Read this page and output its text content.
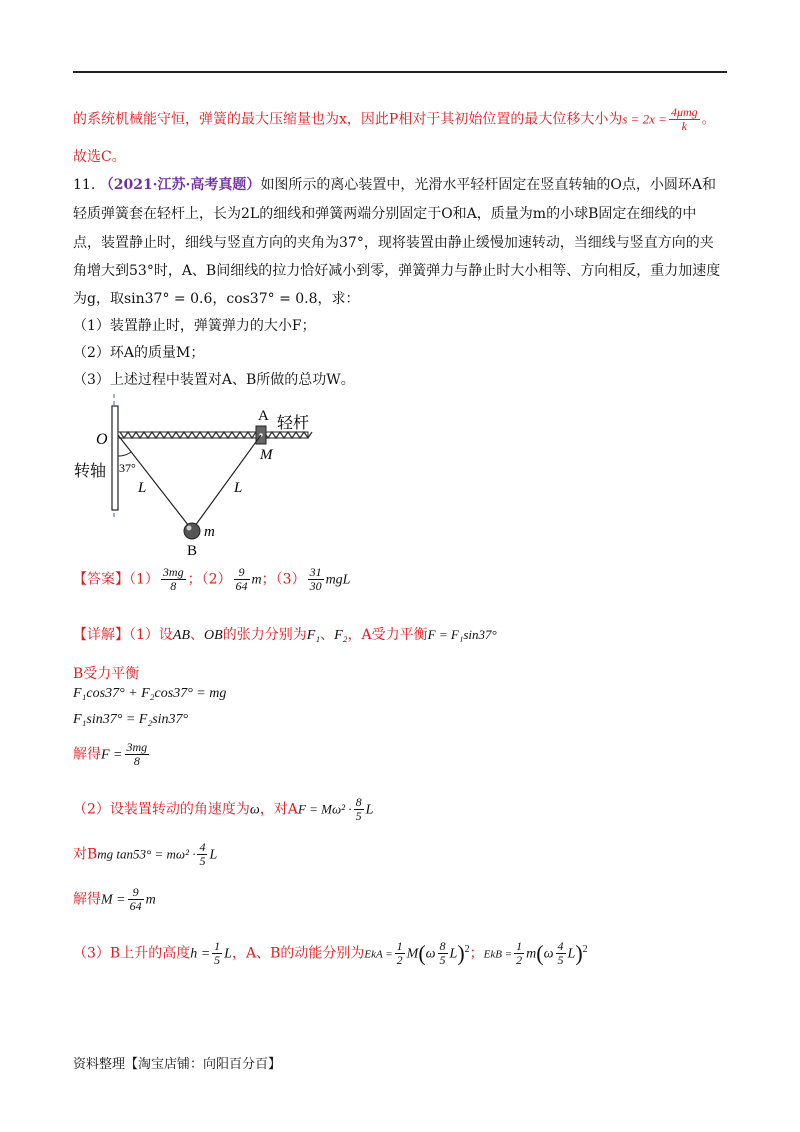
的系统机械能守恒，弹簧的最大压缩量也为x，因此P相对于其初始位置的最大位移大小为$s = 2x = \frac{\text{4μmg}}{k}$ 。
故选C。
11. （2021·江苏·高考真题）如图所示的离心装置中，光滑水平轻杆固定在竖直转轴的O点，小圆环A和
轻质弹簧套在轻杆上，长为2L的细线和弹簧两端分别固定于O和A，质量为m的小球B固定在细线的中
点，装置静止时，细线与竖直方向的夹角为37°，现将装置由静止缓慢加速转动，当细线与竖直方向的夹
角增大到53°时，A、B间细线的拉力恰好减小到零，弹簧弹力与静止时大小相等、方向相反，重力加速度
为g，取sin37° = 0.6，cos37° = 0.8，求：
（1）装置静止时，弹簧弹力的大小F；
（2）环A的质量M；
（3）上述过程中装置对A、B所做的总功W。
A 轻杆
O
M
转轴 37°
L	L
m
B
【答案】$(1) \frac{3mg}{8}$ ；$(2) \frac{9}{64}$ m；$(3) \frac{31}{30}$ mgL
【详解】（1）设AB、OB的张力分别为F₁、F₂，A受力平衡F = F₁sin37°
B受力平衡
F₁cos37° + F₂cos37° = mg
F₁sin37° = F₂sin37°
解得$F = \frac{3mg}{8}$
（2）设装置转动的角速度为ω，对AF = $M\omega^2 \cdot \frac{8}{5}$ L
对Bmg $\tan 53^\circ = m\omega^2 \cdot \frac{4}{5}$ L
解得$M = \frac{9}{64}$ m
（3）B上升的高度$h = \frac{1}{5}$ L，A、B的动能分别为EkA = $\frac{1}{2} M(\omega \frac{8}{5} L)^2$；EkB = $\frac{1}{2} m(\omega \frac{4}{5} L)^2$
资料整理【淘宝店铺：向阳百分百】
